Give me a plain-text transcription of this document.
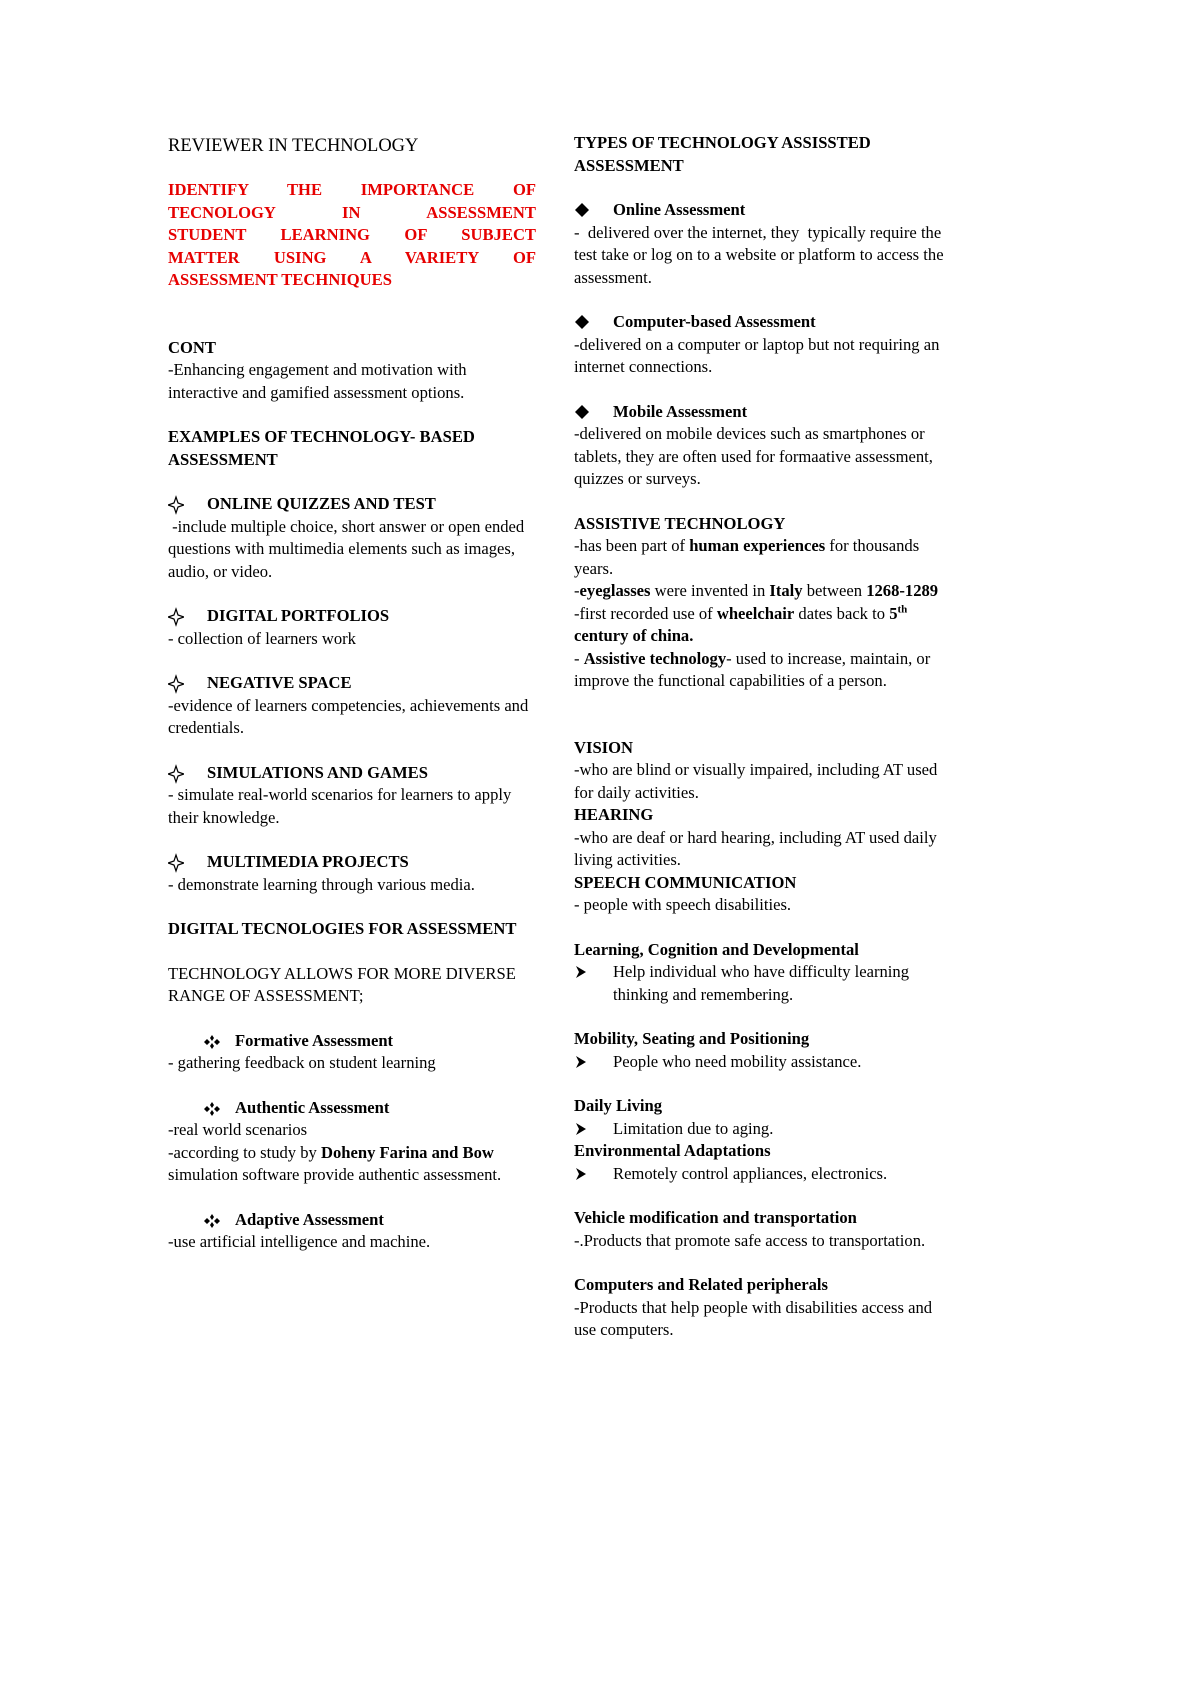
REVIEWER IN TECHNOLOGY

IDENTIFY THE IMPORTANCE OF
TECNOLOGY IN ASSESSMENT
STUDENT LEARNING OF SUBJECT
MATTER USING A VARIETY OF
ASSESSMENT TECHNIQUES

CONT

-Enhancing engagement and motivation with interactive and gamified assessment options.

EXAMPLES OF TECHNOLOGY- BASED ASSESSMENT

ONLINE QUIZZES AND TEST

-include multiple choice, short answer or open ended questions with multimedia elements such as images, audio, or video.

DIGITAL PORTFOLIOS

- collection of learners work

NEGATIVE SPACE

-evidence of learners competencies, achievements and credentials.

SIMULATIONS AND GAMES

- simulate real-world scenarios for learners to apply their knowledge.

MULTIMEDIA PROJECTS

- demonstrate learning through various media.

DIGITAL TECNOLOGIES FOR ASSESSMENT

TECHNOLOGY ALLOWS FOR MORE DIVERSE RANGE OF ASSESSMENT;

Formative Assessment

- gathering feedback on student learning

Authentic Assessment

-real world scenarios

-according to study by Doheny Farina and Bow simulation software provide authentic assessment.

Adaptive Assessment

-use artificial intelligence and machine.

TYPES OF TECHNOLOGY ASSISSTED ASSESSMENT

Online Assessment

-  delivered over the internet, they  typically require the test take or log on to a website or platform to access the assessment.

Computer-based Assessment

-delivered on a computer or laptop but not requiring an internet connections.

Mobile Assessment

-delivered on mobile devices such as smartphones or tablets, they are often used for formaative assessment, quizzes or surveys.

ASSISTIVE TECHNOLOGY

-has been part of human experiences for thousands years.

-eyeglasses were invented in Italy between 1268-1289

-first recorded use of wheelchair dates back to 5th century of china.

- Assistive technology- used to increase, maintain, or improve the functional capabilities of a person.

VISION

-who are blind or visually impaired, including AT used for daily activities.

HEARING

-who are deaf or hard hearing, including AT used daily living activities.

SPEECH COMMUNICATION

- people with speech disabilities.

Learning, Cognition and Developmental

Help individual who have difficulty learning thinking and remembering.

Mobility, Seating and Positioning

People who need mobility assistance.

Daily Living

Limitation due to aging.

Environmental Adaptations

Remotely control appliances, electronics.

Vehicle modification and transportation

-.Products that promote safe access to transportation.

Computers and Related peripherals

-Products that help people with disabilities access and use computers.
